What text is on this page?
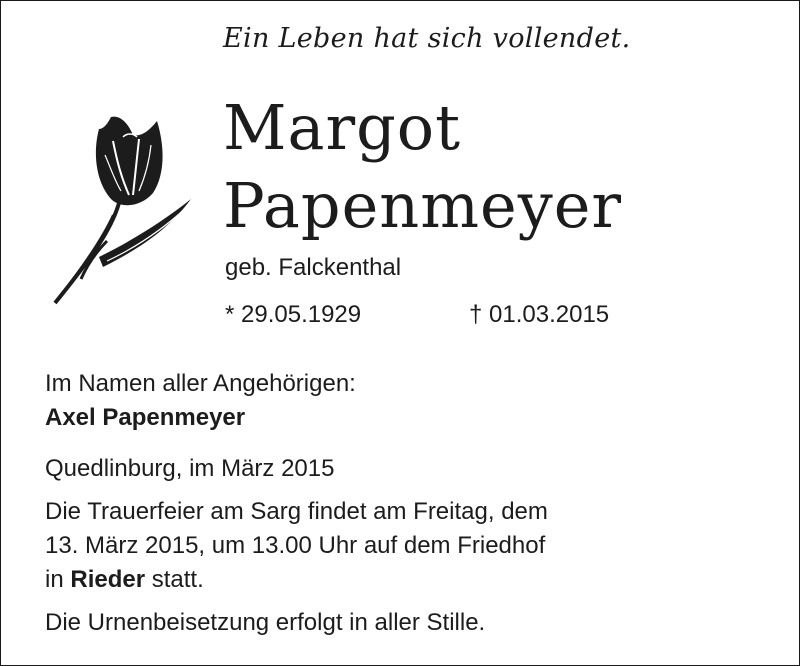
Ein Leben hat sich vollendet.
Margot
Papenmeyer
geb. Falckenthal
* 29.05.1929	† 01.03.2015
Im Namen aller Angehörigen:
Axel Papenmeyer
Quedlinburg, im März 2015
Die Trauerfeier am Sarg findet am Freitag, dem
13. März 2015, um 13.00 Uhr auf dem Friedhof
in Rieder statt.
Die Urnenbeisetzung erfolgt in aller Stille.
